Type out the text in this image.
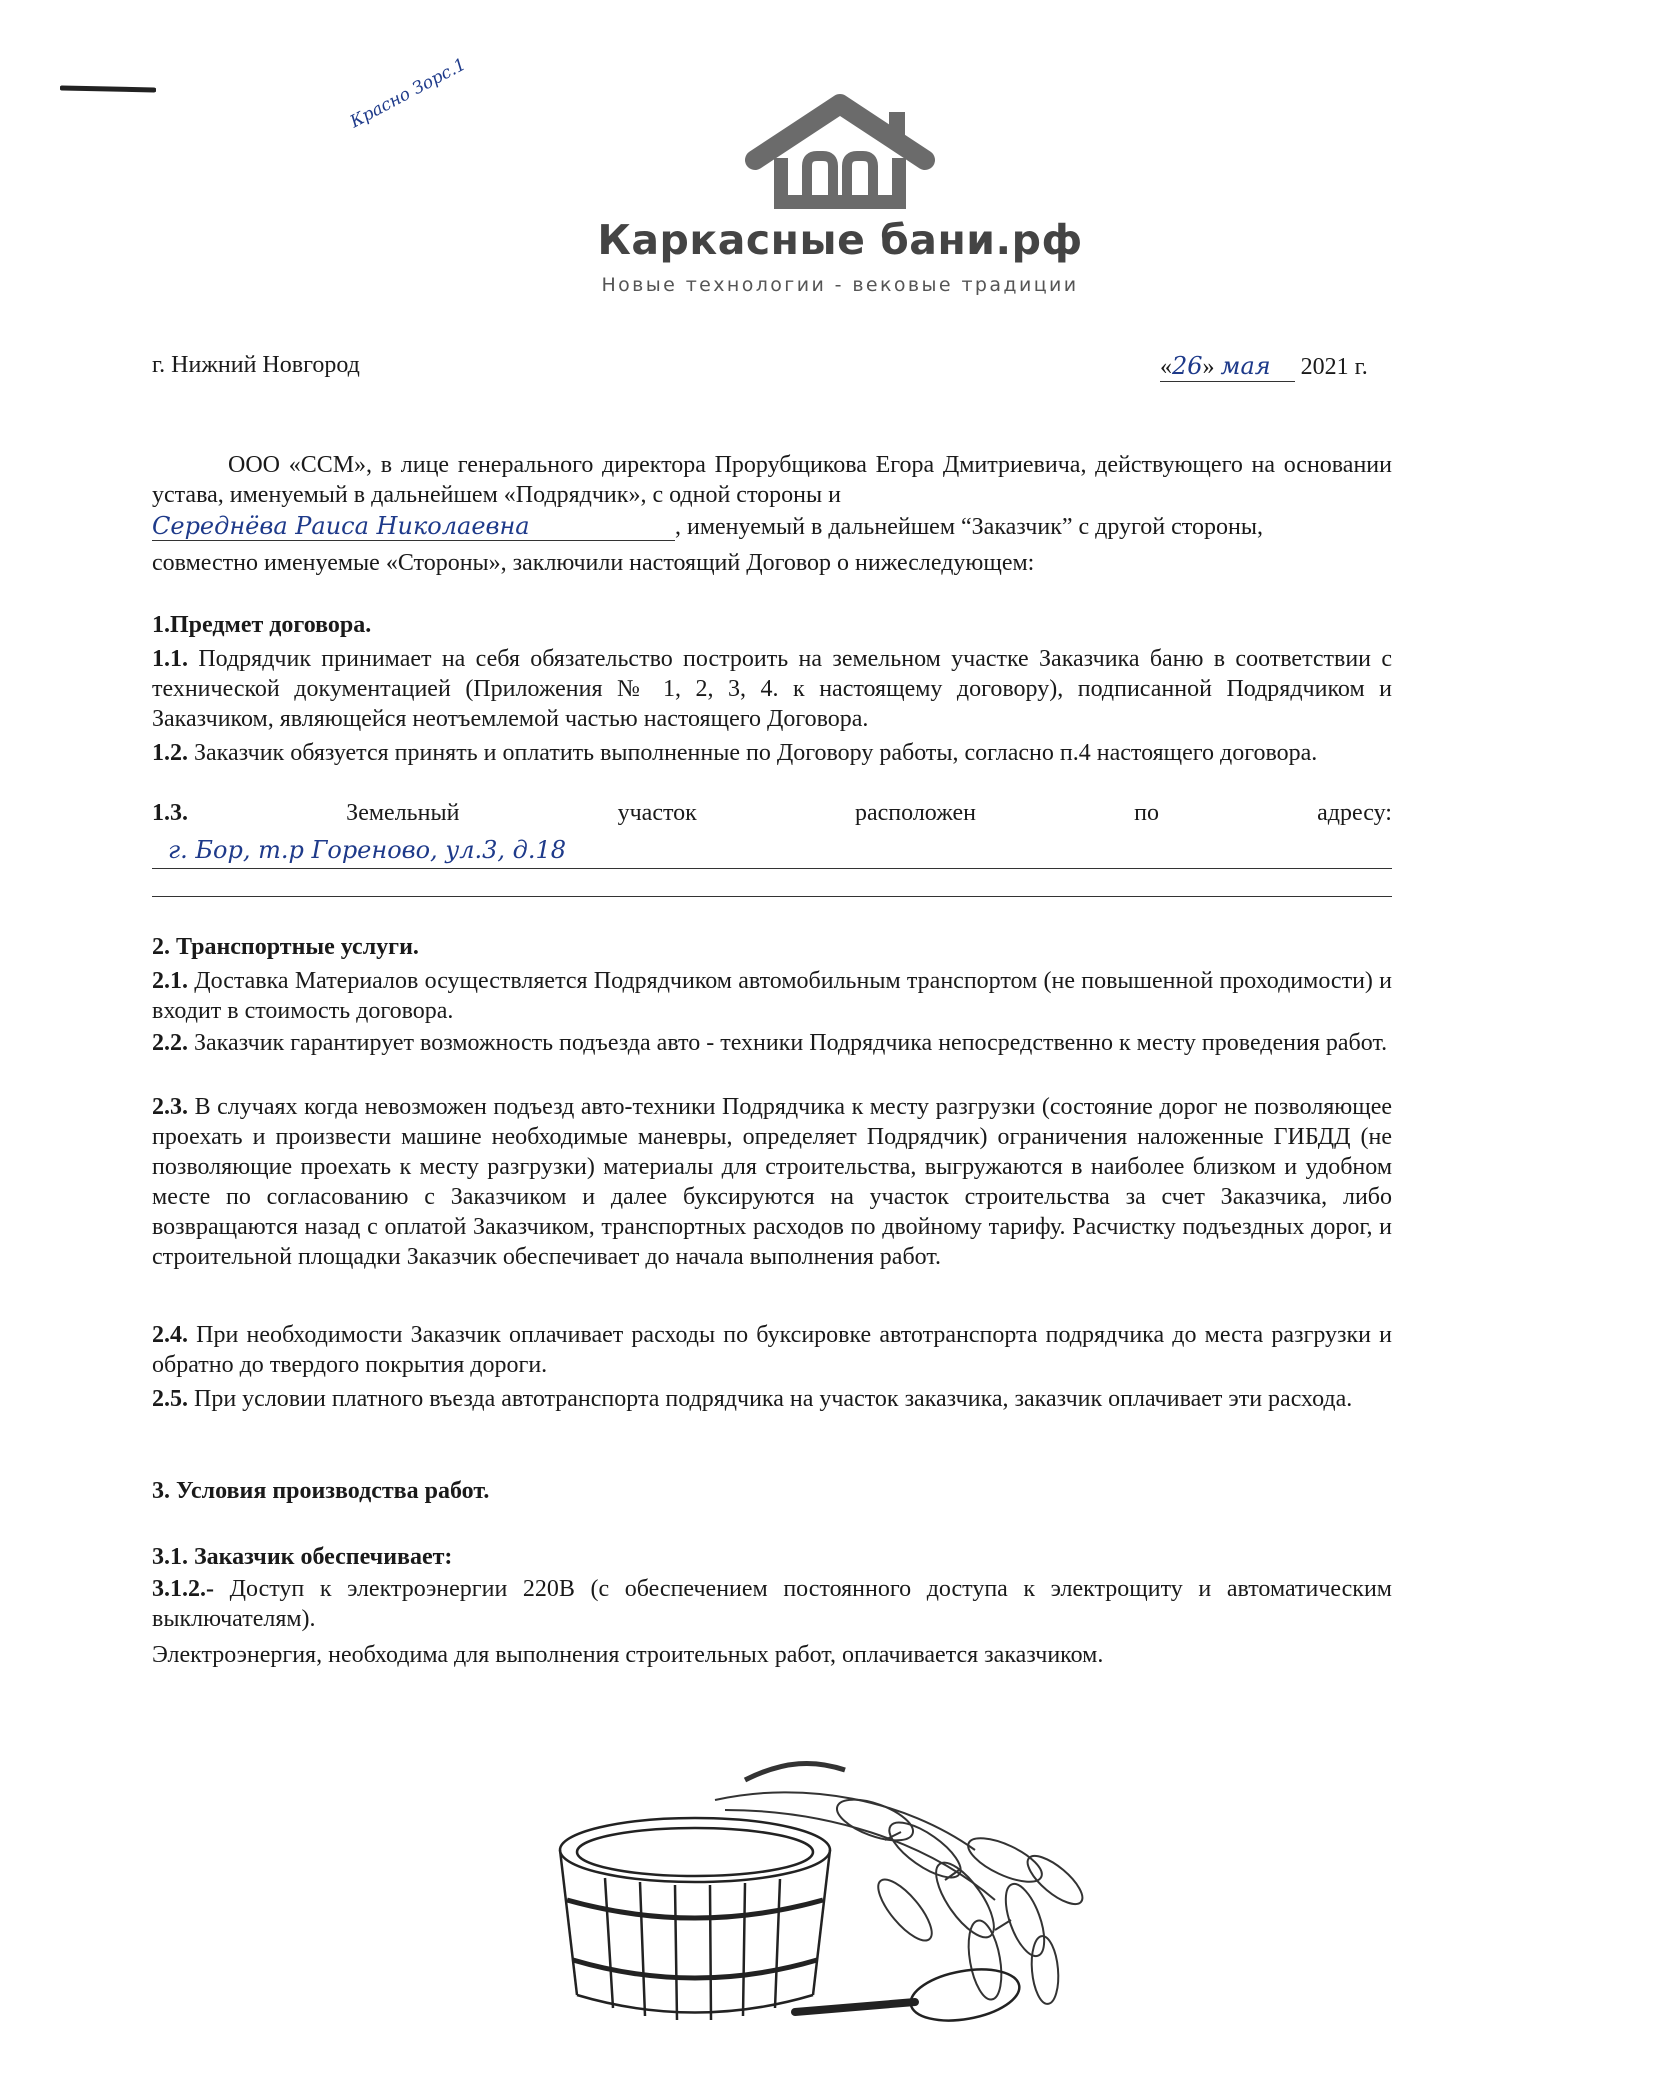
Красно Зорс.1
Каркасные бани.рф
Новые технологии - вековые традиции
г. Нижний Новгород	«26» мая 2021 г.
ООО «ССМ», в лице генерального директора Прорубщикова Егора Дмитриевича, действующего на основании устава, именуемый в дальнейшем «Подрядчик», с одной стороны и
Середнёва Раиса Николаевна	, именуемый в дальнейшем “Заказчик” с другой стороны,
совместно именуемые «Стороны», заключили настоящий Договор о нижеследующем:
1.Предмет договора.
1.1. Подрядчик принимает на себя обязательство построить на земельном участке Заказчика баню в соответствии с технической документацией (Приложения № 1, 2, 3, 4. к настоящему договору), подписанной Подрядчиком и Заказчиком, являющейся неотъемлемой частью настоящего Договора.
1.2. Заказчик обязуется принять и оплатить выполненные по Договору работы, согласно п.4 настоящего договора.
1.3.	Земельный	участок	расположен	по	адресу:
г. Бор, т.р Гореново, ул.3, д.18
2. Транспортные услуги.
2.1. Доставка Материалов осуществляется Подрядчиком автомобильным транспортом (не повышенной проходимости) и входит в стоимость договора.
2.2. Заказчик гарантирует возможность подъезда авто - техники Подрядчика непосредственно к месту проведения работ.
2.3. В случаях когда невозможен подъезд авто-техники Подрядчика к месту разгрузки (состояние дорог не позволяющее проехать и произвести машине необходимые маневры, определяет Подрядчик) ограничения наложенные ГИБДД (не позволяющие проехать к месту разгрузки) материалы для строительства, выгружаются в наиболее близком и удобном месте по согласованию с Заказчиком и далее буксируются на участок строительства за счет Заказчика, либо возвращаются назад с оплатой Заказчиком, транспортных расходов по двойному тарифу. Расчистку подъездных дорог, и строительной площадки Заказчик обеспечивает до начала выполнения работ.
2.4. При необходимости Заказчик оплачивает расходы по буксировке автотранспорта подрядчика до места разгрузки и обратно до твердого покрытия дороги.
2.5. При условии платного въезда автотранспорта подрядчика на участок заказчика, заказчик оплачивает эти расхода.
3. Условия производства работ.
3.1. Заказчик обеспечивает:
3.1.2.- Доступ к электроэнергии 220В (с обеспечением постоянного доступа к электрощиту и автоматическим выключателям).
Электроэнергия, необходима для выполнения строительных работ, оплачивается заказчиком.
